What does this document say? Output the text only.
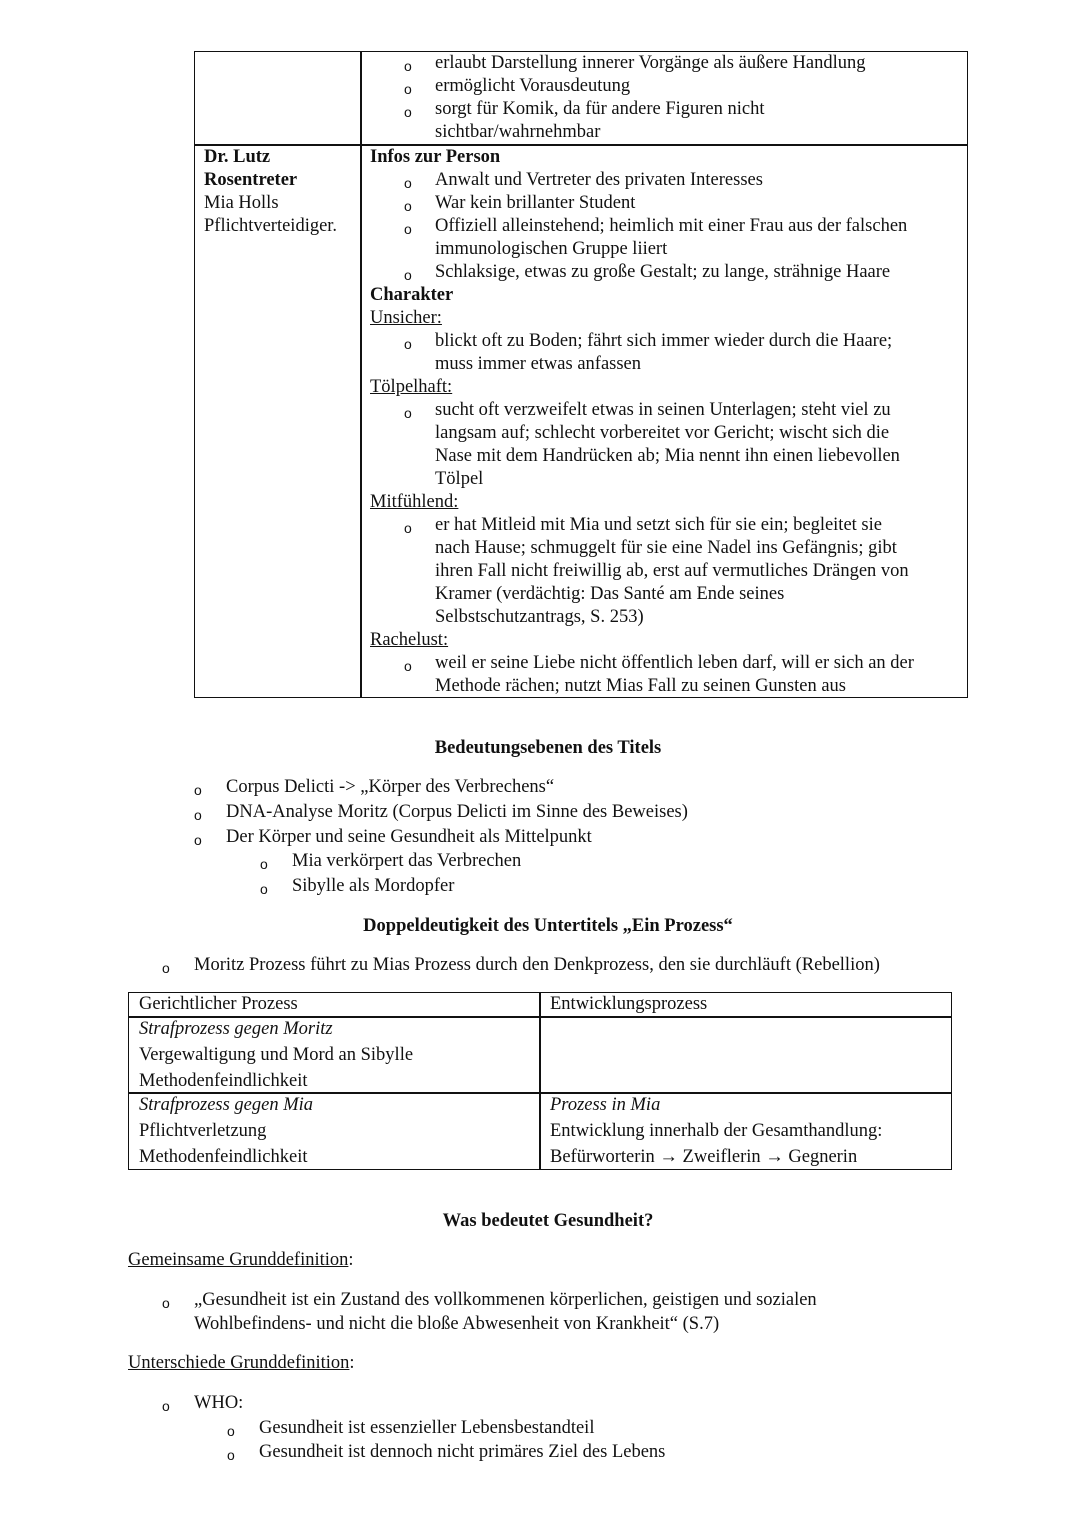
o erlaubt Darstellung innerer Vorgänge als äußere Handlung
o ermöglicht Vorausdeutung
o sorgt für Komik, da für andere Figuren nicht
sichtbar/wahrnehmbar
Dr. Lutz
Rosentreter
Mia Holls
Pflichtverteidiger.
Infos zur Person
o Anwalt und Vertreter des privaten Interesses
o War kein brillanter Student
o Offiziell alleinstehend; heimlich mit einer Frau aus der falschen
immunologischen Gruppe liiert
o Schlaksige, etwas zu große Gestalt; zu lange, strähnige Haare
Charakter
Unsicher:
o blickt oft zu Boden; fährt sich immer wieder durch die Haare;
muss immer etwas anfassen
Tölpelhaft:
o sucht oft verzweifelt etwas in seinen Unterlagen; steht viel zu
langsam auf; schlecht vorbereitet vor Gericht; wischt sich die
Nase mit dem Handrücken ab; Mia nennt ihn einen liebevollen
Tölpel
Mitfühlend:
o er hat Mitleid mit Mia und setzt sich für sie ein; begleitet sie
nach Hause; schmuggelt für sie eine Nadel ins Gefängnis; gibt
ihren Fall nicht freiwillig ab, erst auf vermutliches Drängen von
Kramer (verdächtig: Das Santé am Ende seines
Selbstschutzantrags, S. 253)
Rachelust:
o weil er seine Liebe nicht öffentlich leben darf, will er sich an der
Methode rächen; nutzt Mias Fall zu seinen Gunsten aus
Bedeutungsebenen des Titels
o Corpus Delicti -> „Körper des Verbrechens“
o DNA-Analyse Moritz (Corpus Delicti im Sinne des Beweises)
o Der Körper und seine Gesundheit als Mittelpunkt
o Mia verkörpert das Verbrechen
o Sibylle als Mordopfer
Doppeldeutigkeit des Untertitels „Ein Prozess“
o Moritz Prozess führt zu Mias Prozess durch den Denkprozess, den sie durchläuft (Rebellion)
Gerichtlicher Prozess	Entwicklungsprozess
Strafprozess gegen Moritz
Vergewaltigung und Mord an Sibylle
Methodenfeindlichkeit
Strafprozess gegen Mia
Pflichtverletzung
Methodenfeindlichkeit
Prozess in Mia
Entwicklung innerhalb der Gesamthandlung:
Befürworterin → Zweiflerin → Gegnerin
Was bedeutet Gesundheit?
Gemeinsame Grunddefinition:
o „Gesundheit ist ein Zustand des vollkommenen körperlichen, geistigen und sozialen
Wohlbefindens- und nicht die bloße Abwesenheit von Krankheit“ (S.7)
Unterschiede Grunddefinition:
o WHO:
o Gesundheit ist essenzieller Lebensbestandteil
o Gesundheit ist dennoch nicht primäres Ziel des Lebens
